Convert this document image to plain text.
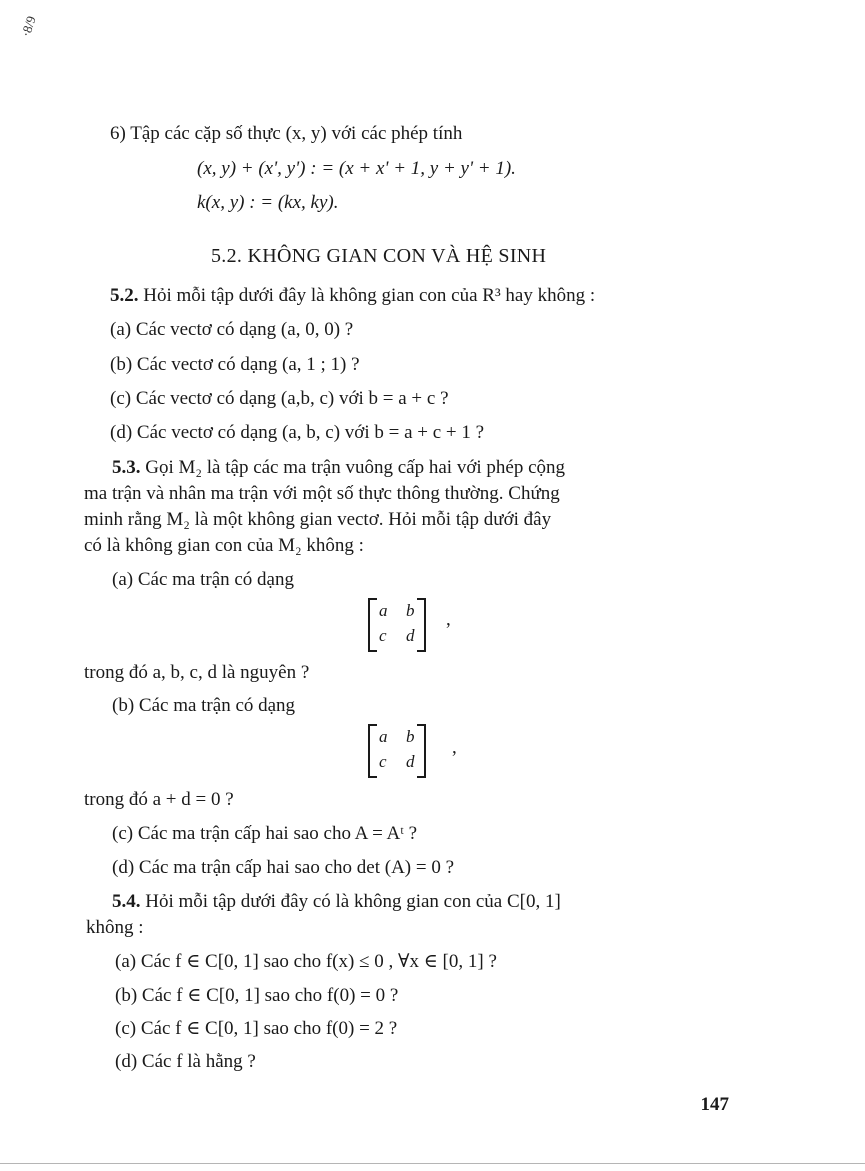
·8/9
6) Tập các cặp số thực (x, y) với các phép tính
(x, y) + (x', y') : = (x + x' + 1, y + y' + 1).
k(x, y) : = (kx, ky).
5.2. KHÔNG GIAN CON VÀ HỆ SINH
5.2. Hỏi mỗi tập dưới đây là không gian con của R³ hay không :
(a) Các vectơ có dạng (a, 0, 0) ?
(b) Các vectơ có dạng (a, 1 ; 1) ?
(c) Các vectơ có dạng (a,b, c) với b = a + c ?
(d) Các vectơ có dạng (a, b, c) với b = a + c + 1 ?
5.3. Gọi M₂ là tập các ma trận vuông cấp hai với phép cộng
ma trận và nhân ma trận với một số thực thông thường. Chứng
minh rằng M₂ là một không gian vectơ. Hỏi mỗi tập dưới đây
có là không gian con của M₂ không :
(a) Các ma trận có dạng
a b
c d
,
trong đó a, b, c, d là nguyên ?
(b) Các ma trận có dạng
a b
c d
,
trong đó a + d = 0 ?
(c) Các ma trận cấp hai sao cho A = Aᵗ ?
(d) Các ma trận cấp hai sao cho det (A) = 0 ?
5.4. Hỏi mỗi tập dưới đây có là không gian con của C[0, 1]
không :
(a) Các f ∈ C[0, 1] sao cho f(x) ≤ 0 , ∀x ∈ [0, 1] ?
(b) Các f ∈ C[0, 1] sao cho f(0) = 0 ?
(c) Các f ∈ C[0, 1] sao cho f(0) = 2 ?
(d) Các f là hằng ?
147
